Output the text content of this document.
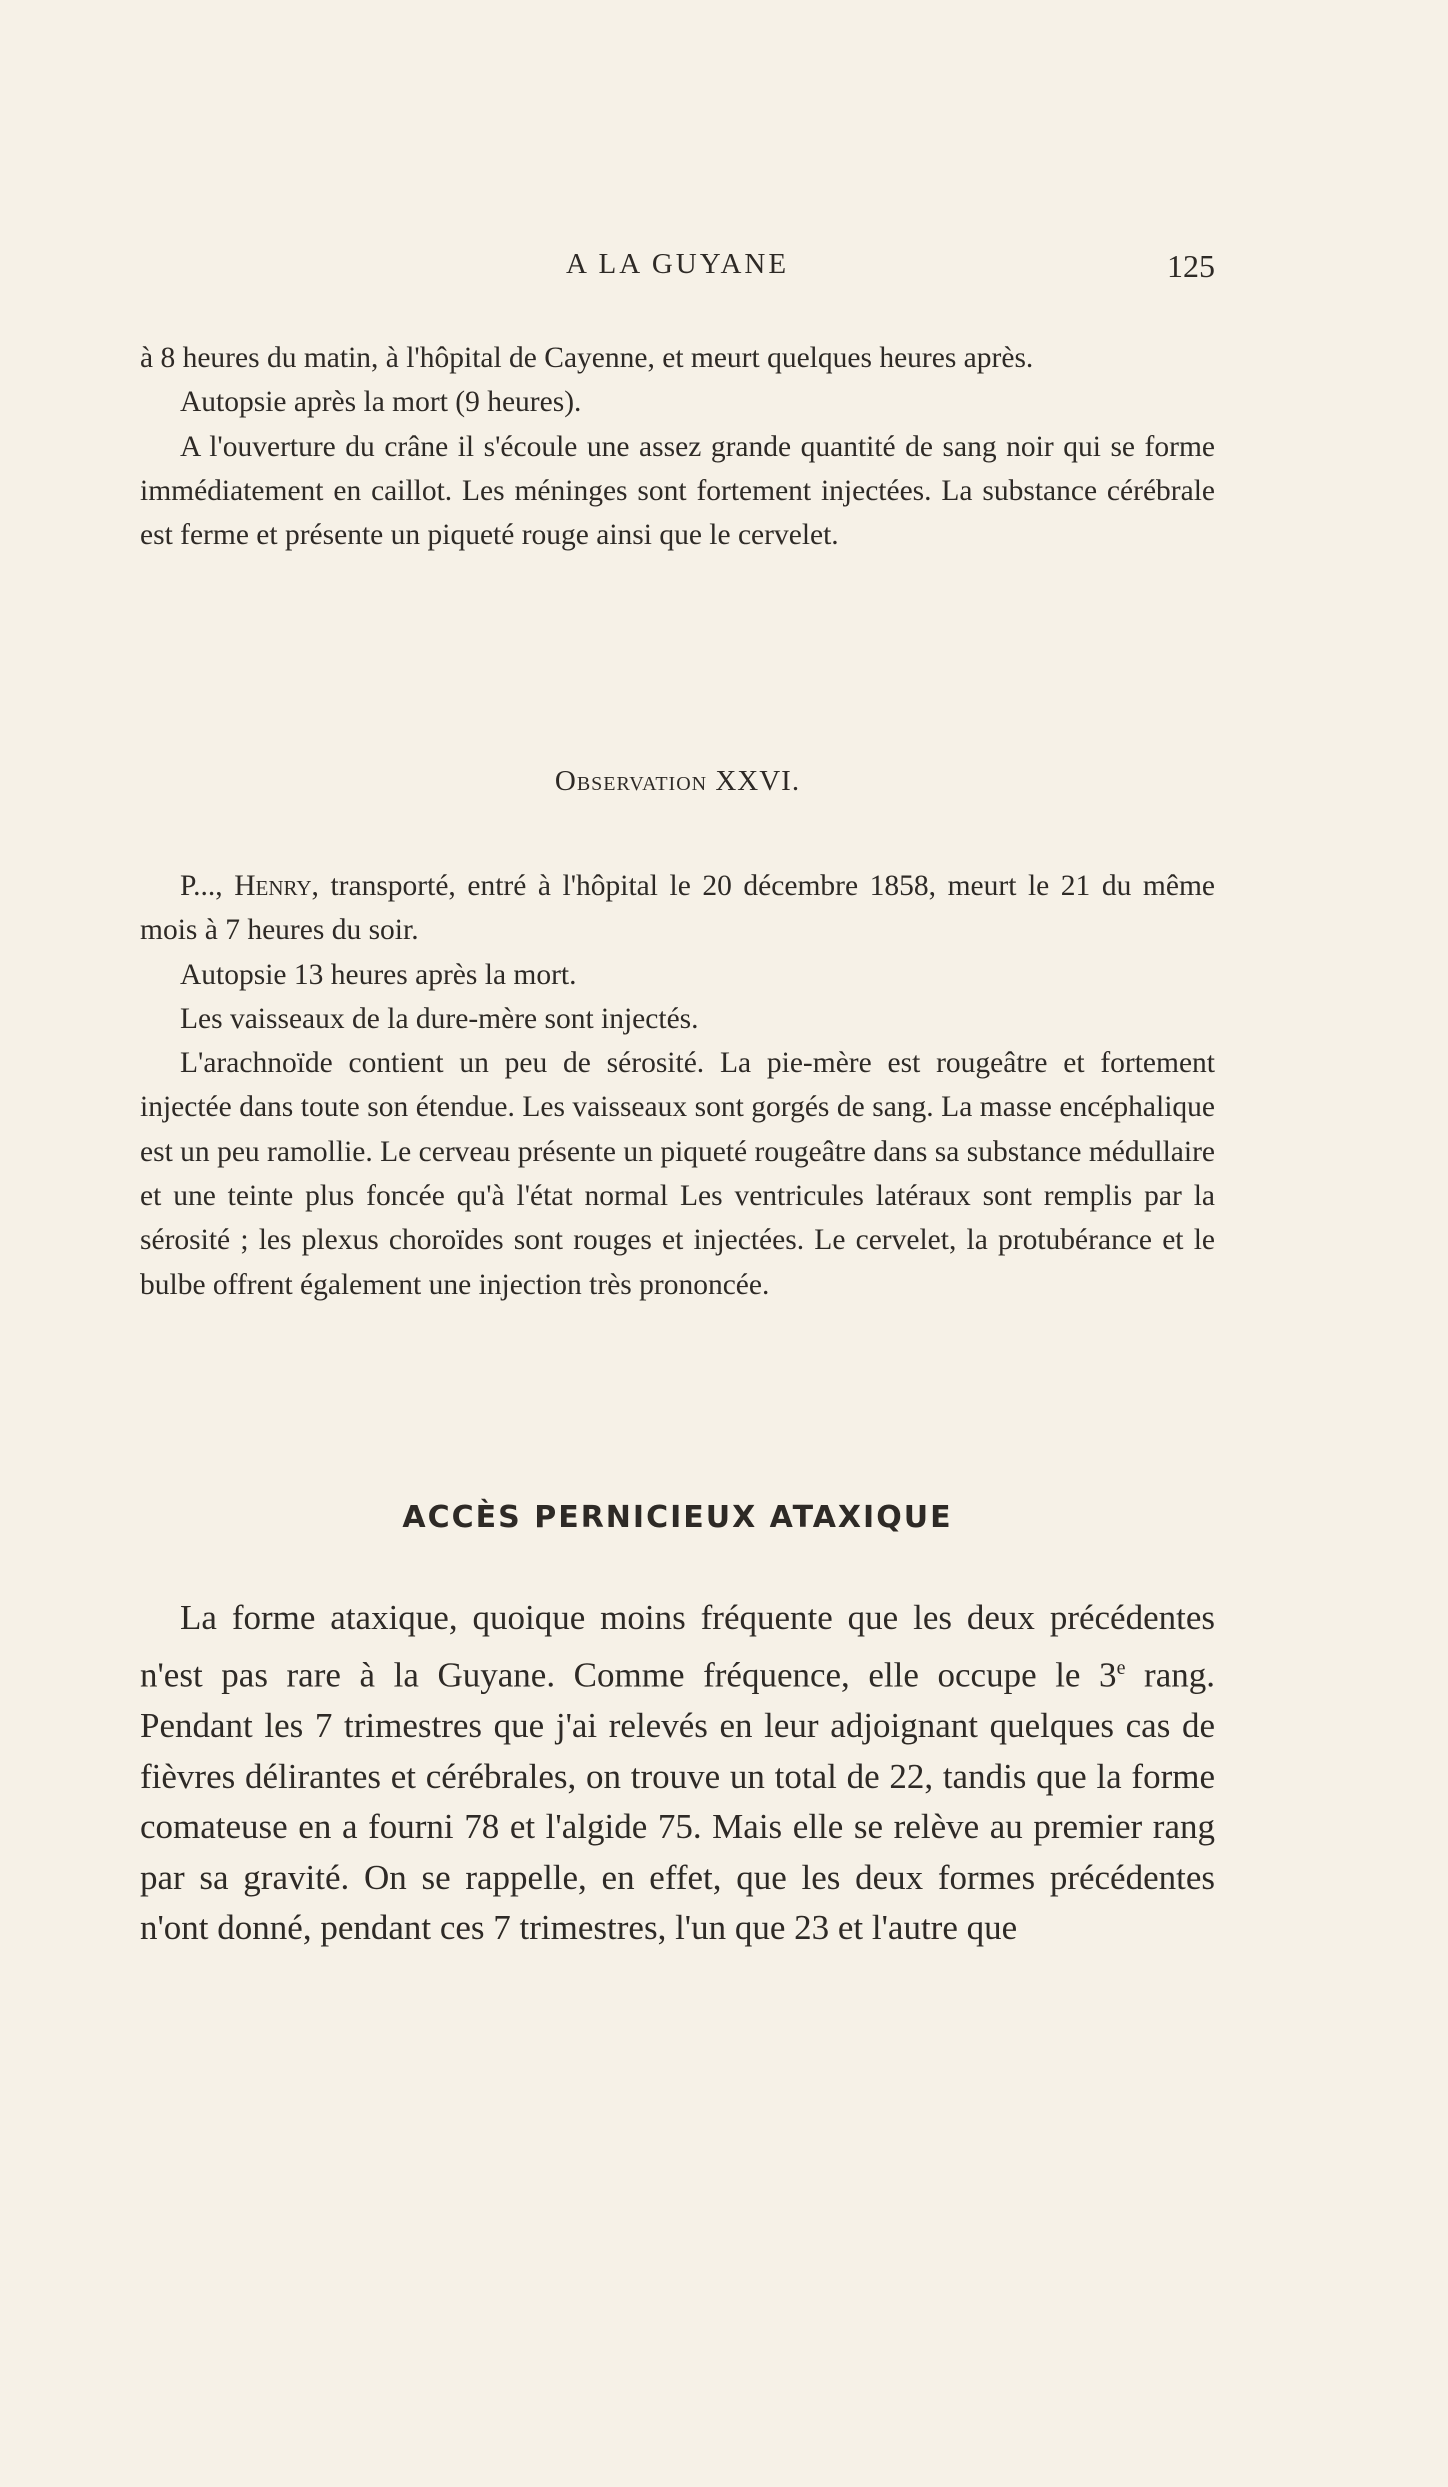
A LA GUYANE	125

à 8 heures du matin, à l'hôpital de Cayenne, et meurt quelques heures après.

Autopsie après la mort (9 heures).

A l'ouverture du crâne il s'écoule une assez grande quantité de sang noir qui se forme immédiatement en caillot. Les méninges sont fortement injectées. La substance cérébrale est ferme et présente un piqueté rouge ainsi que le cervelet.

Observation XXVI.

P..., Henry, transporté, entré à l'hôpital le 20 décembre 1858, meurt le 21 du même mois à 7 heures du soir.

Autopsie 13 heures après la mort.

Les vaisseaux de la dure-mère sont injectés.

L'arachnoïde contient un peu de sérosité. La pie-mère est rougeâtre et fortement injectée dans toute son étendue. Les vaisseaux sont gorgés de sang. La masse encéphalique est un peu ramollie. Le cerveau présente un piqueté rougeâtre dans sa substance médullaire et une teinte plus foncée qu'à l'état normal Les ventricules latéraux sont remplis par la sérosité ; les plexus choroïdes sont rouges et injectées. Le cervelet, la protubérance et le bulbe offrent également une injection très prononcée.

ACCÈS PERNICIEUX ATAXIQUE

La forme ataxique, quoique moins fréquente que les deux précédentes n'est pas rare à la Guyane. Comme fréquence, elle occupe le 3e rang. Pendant les 7 trimestres que j'ai relevés en leur adjoignant quelques cas de fièvres délirantes et cérébrales, on trouve un total de 22, tandis que la forme comateuse en a fourni 78 et l'algide 75. Mais elle se relève au premier rang par sa gravité. On se rappelle, en effet, que les deux formes précédentes n'ont donné, pendant ces 7 trimestres, l'un que 23 et l'autre que
